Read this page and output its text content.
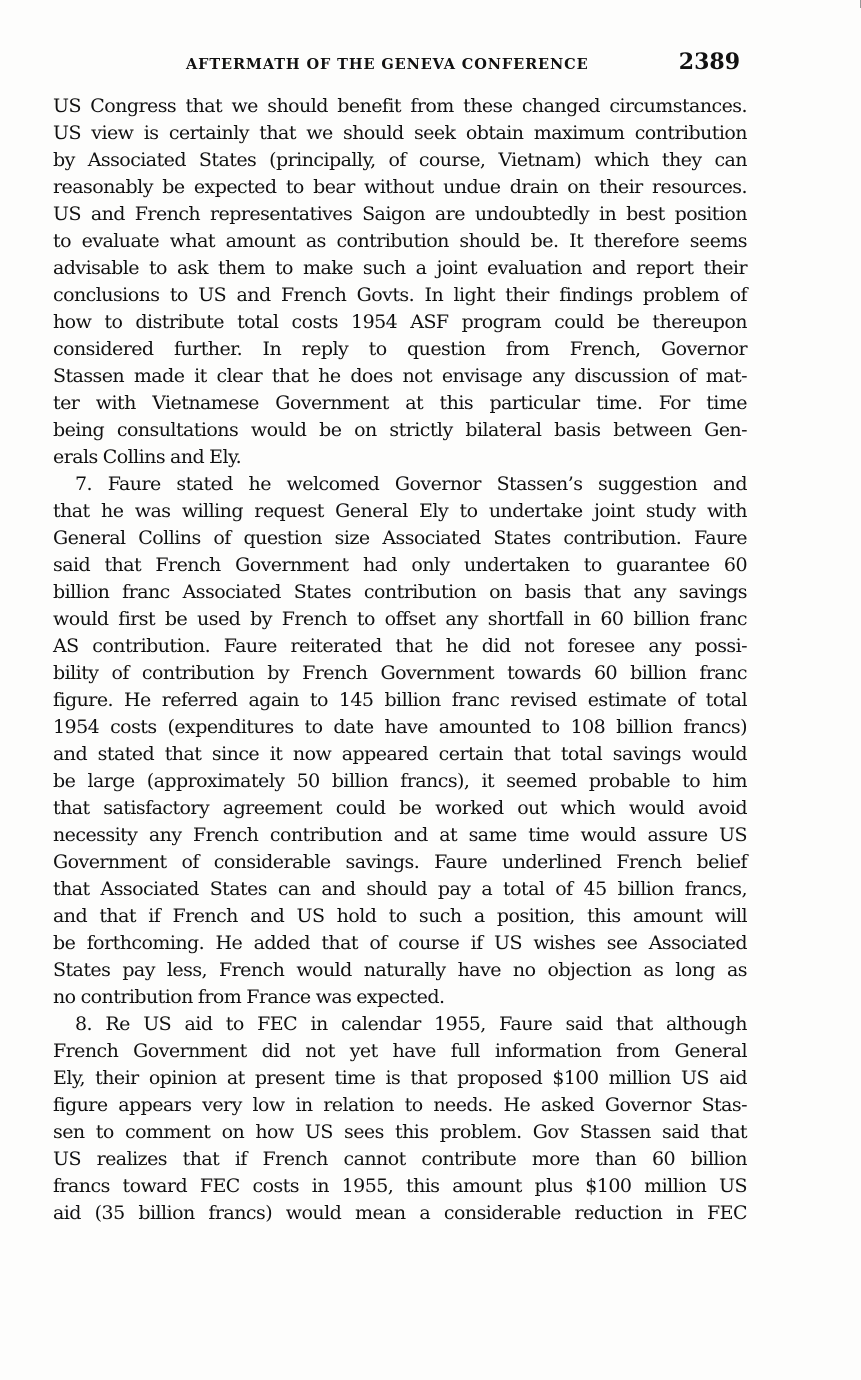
AFTERMATH OF THE GENEVA CONFERENCE	2389
US Congress that we should benefit from these changed circumstances.
US view is certainly that we should seek obtain maximum contribution
by Associated States (principally, of course, Vietnam) which they can
reasonably be expected to bear without undue drain on their resources.
US and French representatives Saigon are undoubtedly in best position
to evaluate what amount as contribution should be. It therefore seems
advisable to ask them to make such a joint evaluation and report their
conclusions to US and French Govts. In light their findings problem of
how to distribute total costs 1954 ASF program could be thereupon
considered further. In reply to question from French, Governor
Stassen made it clear that he does not envisage any discussion of mat-
ter with Vietnamese Government at this particular time. For time
being consultations would be on strictly bilateral basis between Gen-
erals Collins and Ely.
7. Faure stated he welcomed Governor Stassen’s suggestion and
that he was willing request General Ely to undertake joint study with
General Collins of question size Associated States contribution. Faure
said that French Government had only undertaken to guarantee 60
billion franc Associated States contribution on basis that any savings
would first be used by French to offset any shortfall in 60 billion franc
AS contribution. Faure reiterated that he did not foresee any possi-
bility of contribution by French Government towards 60 billion franc
figure. He referred again to 145 billion franc revised estimate of total
1954 costs (expenditures to date have amounted to 108 billion francs)
and stated that since it now appeared certain that total savings would
be large (approximately 50 billion francs), it seemed probable to him
that satisfactory agreement could be worked out which would avoid
necessity any French contribution and at same time would assure US
Government of considerable savings. Faure underlined French belief
that Associated States can and should pay a total of 45 billion francs,
and that if French and US hold to such a position, this amount will
be forthcoming. He added that of course if US wishes see Associated
States pay less, French would naturally have no objection as long as
no contribution from France was expected.
8. Re US aid to FEC in calendar 1955, Faure said that although
French Government did not yet have full information from General
Ely, their opinion at present time is that proposed $100 million US aid
figure appears very low in relation to needs. He asked Governor Stas-
sen to comment on how US sees this problem. Gov Stassen said that
US realizes that if French cannot contribute more than 60 billion
francs toward FEC costs in 1955, this amount plus $100 million US
aid (35 billion francs) would mean a considerable reduction in FEC
